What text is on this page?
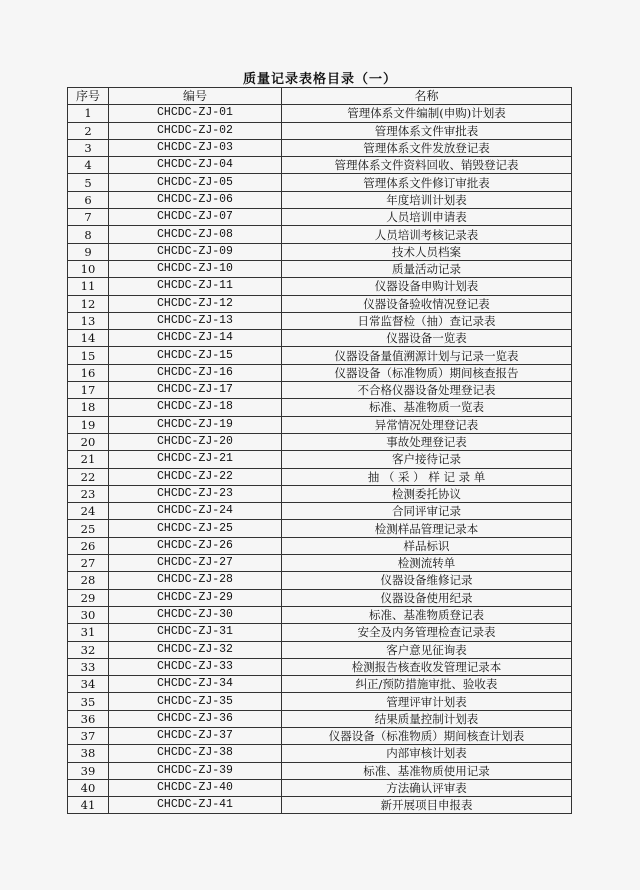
质量记录表格目录（一）
序号	编号	名称
1	CHCDC-ZJ-01	管理体系文件编制(申购)计划表
2	CHCDC-ZJ-02	管理体系文件审批表
3	CHCDC-ZJ-03	管理体系文件发放登记表
4	CHCDC-ZJ-04	管理体系文件资料回收、销毁登记表
5	CHCDC-ZJ-05	管理体系文件修订审批表
6	CHCDC-ZJ-06	年度培训计划表
7	CHCDC-ZJ-07	人员培训申请表
8	CHCDC-ZJ-08	人员培训考核记录表
9	CHCDC-ZJ-09	技术人员档案
10	CHCDC-ZJ-10	质量活动记录
11	CHCDC-ZJ-11	仪器设备申购计划表
12	CHCDC-ZJ-12	仪器设备验收情况登记表
13	CHCDC-ZJ-13	日常监督检（抽）查记录表
14	CHCDC-ZJ-14	仪器设备一览表
15	CHCDC-ZJ-15	仪器设备量值溯源计划与记录一览表
16	CHCDC-ZJ-16	仪器设备（标准物质）期间核查报告
17	CHCDC-ZJ-17	不合格仪器设备处理登记表
18	CHCDC-ZJ-18	标准、基准物质一览表
19	CHCDC-ZJ-19	异常情况处理登记表
20	CHCDC-ZJ-20	事故处理登记表
21	CHCDC-ZJ-21	客户接待记录
22	CHCDC-ZJ-22	抽 （ 采 ） 样 记 录 单
23	CHCDC-ZJ-23	检测委托协议
24	CHCDC-ZJ-24	合同评审记录
25	CHCDC-ZJ-25	检测样品管理记录本
26	CHCDC-ZJ-26	样品标识
27	CHCDC-ZJ-27	检测流转单
28	CHCDC-ZJ-28	仪器设备维修记录
29	CHCDC-ZJ-29	仪器设备使用纪录
30	CHCDC-ZJ-30	标准、基准物质登记表
31	CHCDC-ZJ-31	安全及内务管理检查记录表
32	CHCDC-ZJ-32	客户意见征询表
33	CHCDC-ZJ-33	检测报告核查收发管理记录本
34	CHCDC-ZJ-34	纠正/预防措施审批、验收表
35	CHCDC-ZJ-35	管理评审计划表
36	CHCDC-ZJ-36	结果质量控制计划表
37	CHCDC-ZJ-37	仪器设备（标准物质）期间核查计划表
38	CHCDC-ZJ-38	内部审核计划表
39	CHCDC-ZJ-39	标准、基准物质使用记录
40	CHCDC-ZJ-40	方法确认评审表
41	CHCDC-ZJ-41	新开展项目申报表
